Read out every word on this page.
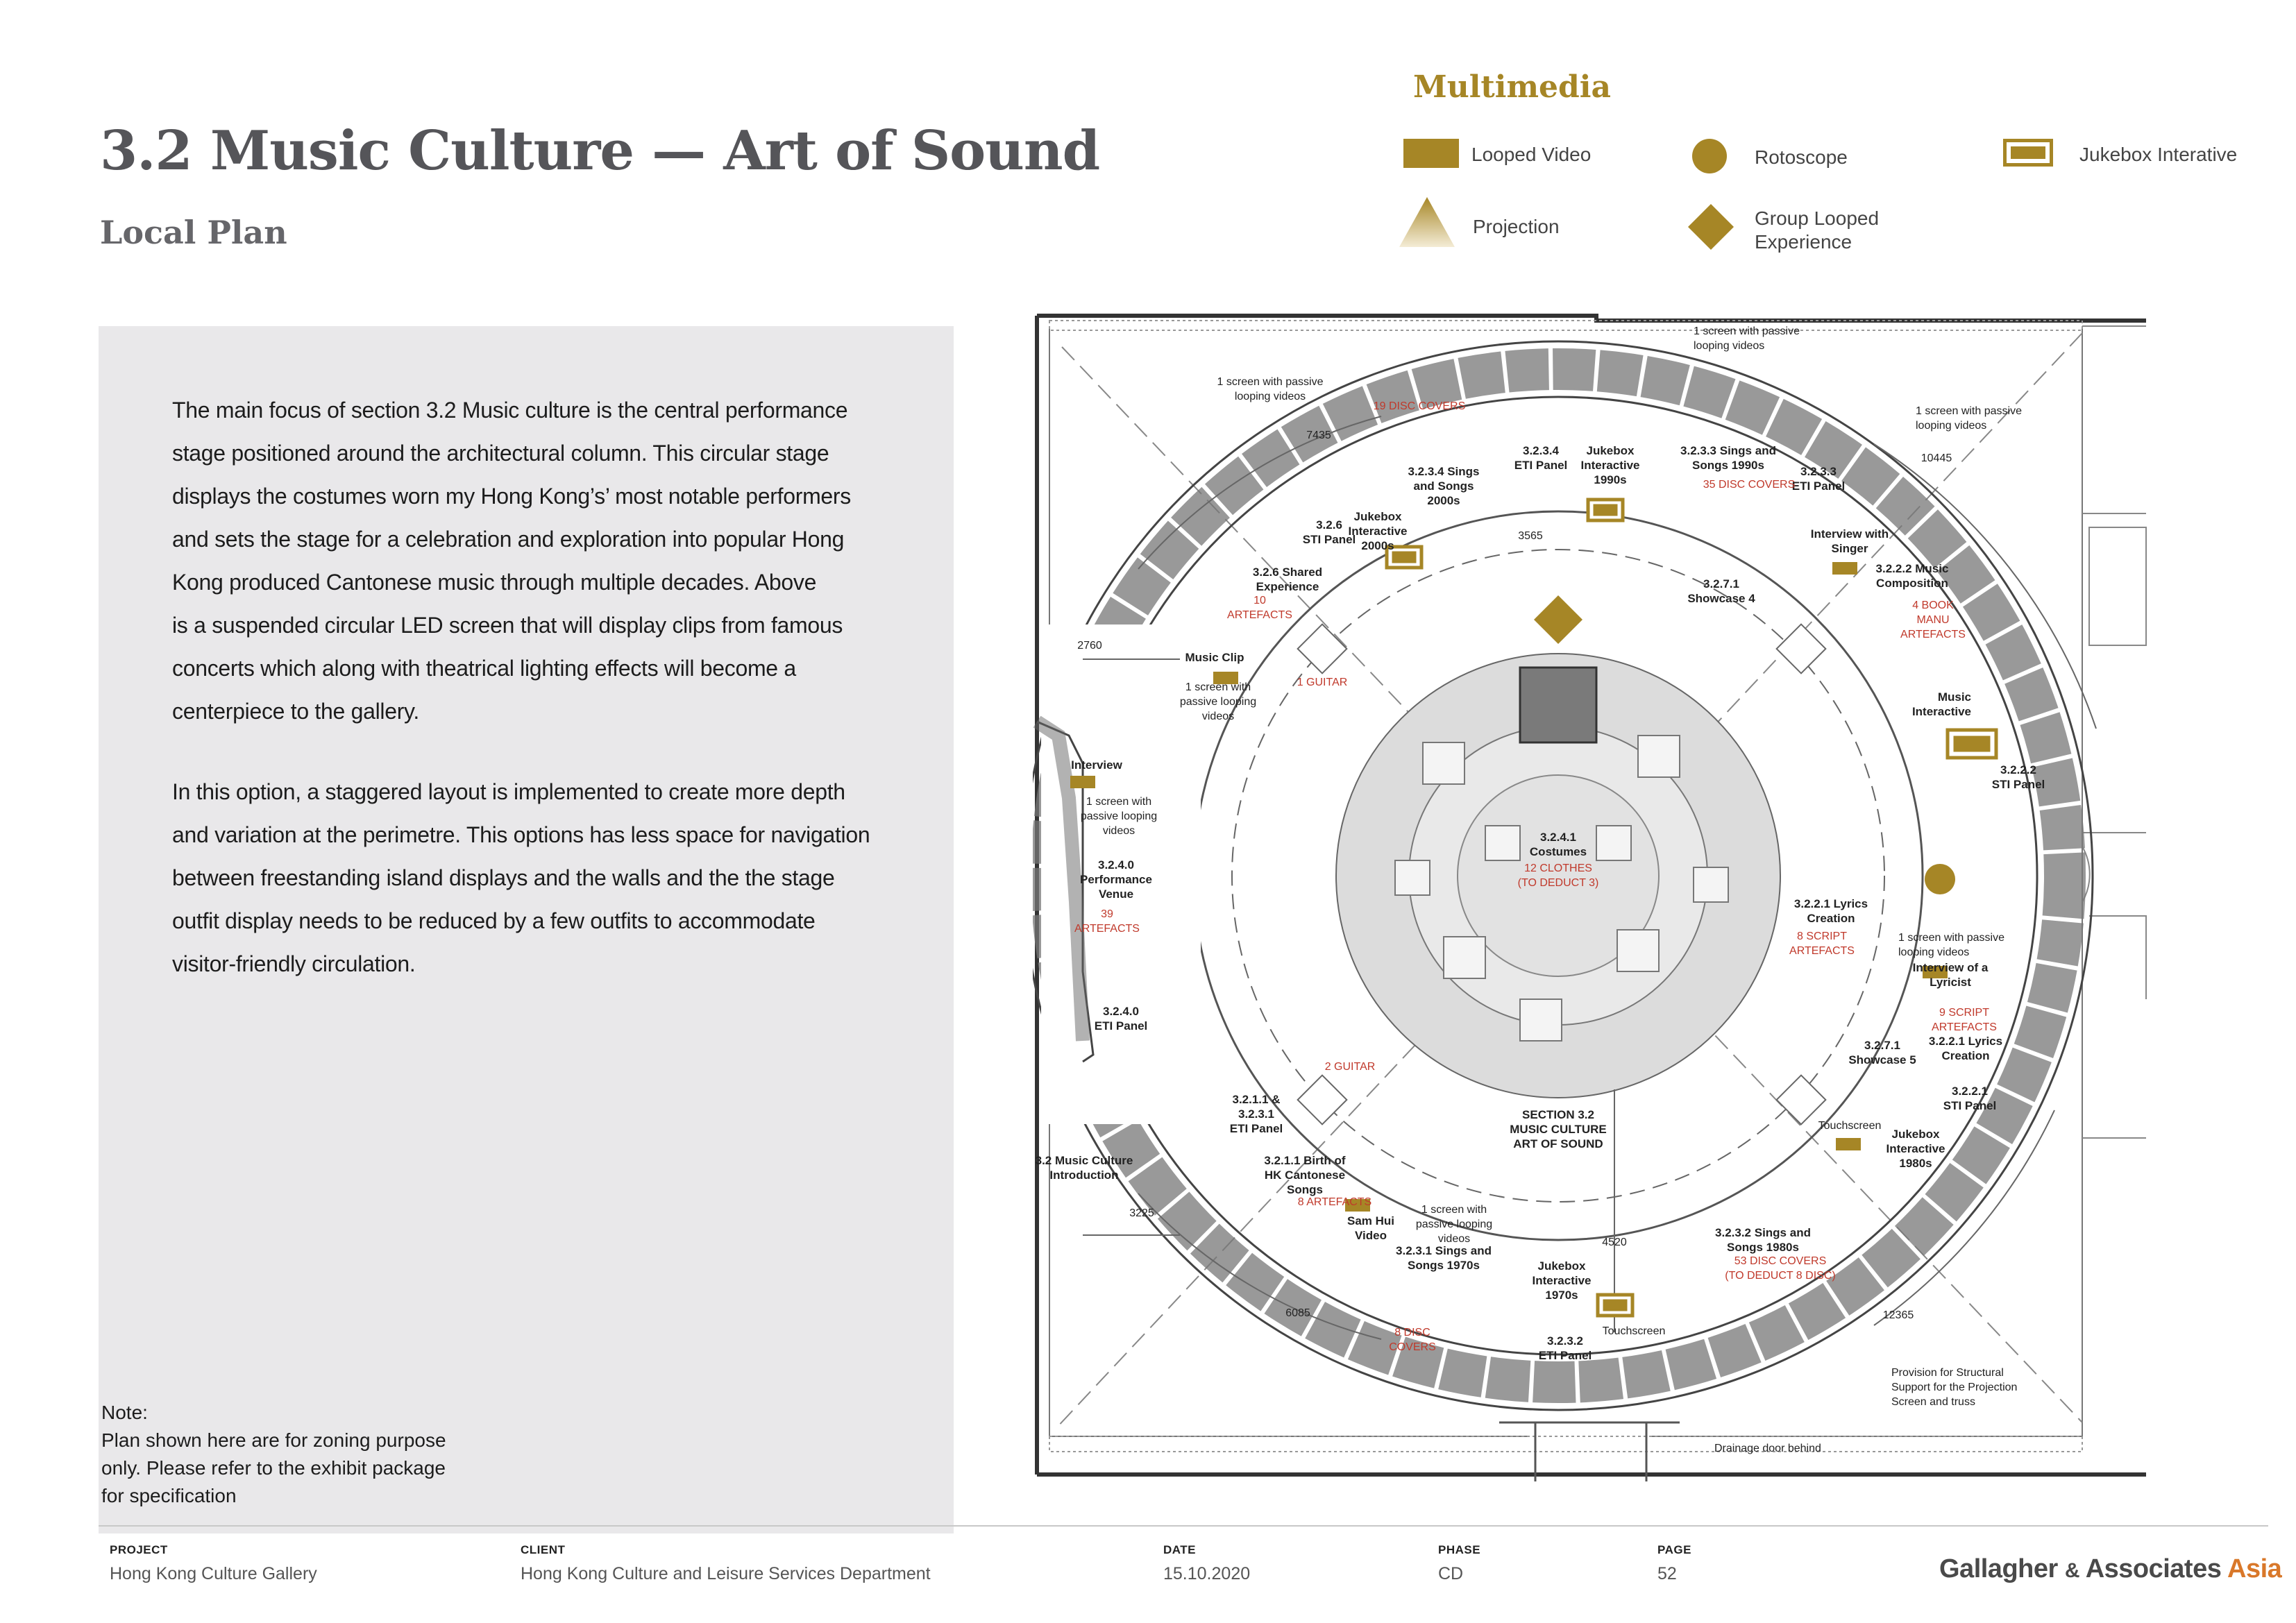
3.2 Music Culture — Art of Sound
Local Plan
The main focus of section 3.2 Music culture is the central performance
stage positioned around the architectural column. This circular stage
displays the costumes worn my Hong Kong’s’ most notable performers
and sets the stage for a celebration and exploration into popular Hong
Kong produced Cantonese music through multiple decades. Above
is a suspended circular LED screen that will display clips from famous
concerts which along with theatrical lighting effects will become a
centerpiece to the gallery.
In this option, a staggered layout is implemented to create more depth
and variation at the perimetre. This options has less space for navigation
between freestanding island displays and the walls and the the stage
outfit display needs to be reduced by a few outfits to accommodate
visitor-friendly circulation.
Note:
Plan shown here are for zoning purpose
only. Please refer to the exhibit package
for specification
Multimedia
Looped Video	Rotoscope	Jukebox Interative
Projection	Group Looped Experience
1 screen with passive looping videos
1 screen with passive looping videos
1 screen with passive looping videos
7435
10445
3.2.3.4 ETI Panel
Jukebox Interactive 1990s
3.2.3.3 Sings and Songs 1990s	3.2.3.3 ETI Panel
3.2.3.4 Sings and Songs 2000s
Jukebox Interactive 2000s
3.2.6 STI Panel
3.2.6 Shared Experience
3565	Interview with Singer
3.2.7.1 Showcase 4
3.2.2.2 Music Composition
2760
Music Clip
1 screen with passive looping videos
Music Interactive
3.2.2.2 STI Panel
Interview
1 screen with passive looping videos	3.2.4.1 Costumes
3.2.4.0 Performance Venue
3.2.2.1 Lyrics Creation
1 screen with passive looping videos
Interview of a Lyricist
3.2.4.0 ETI Panel
3.2.2.1 Lyrics Creation
3.2.7.1 Showcase 5
3.2.2.1 STI Panel
3.2.1.1 & 3.2.3.1 ETI Panel
SECTION 3.2 MUSIC CULTURE ART OF SOUND
Touchscreen
Jukebox Interactive 1980s
3.2 Music Culture Introduction
3.2.1.1 Birth of HK Cantonese Songs
3225	1 screen with passive looping videos
Sam Hui Video
3.2.3.1 Sings and Songs 1970s
4520
3.2.3.2 Sings and Songs 1980s
Jukebox Interactive 1970s
6085
Touchscreen
12365
3.2.3.2 ETI Panel
Provision for Structural Support for the Projection Screen and truss
Drainage door behind
19 DISC COVERS
35 DISC COVERS
10 ARTEFACTS
4 BOOK MANU ARTEFACTS
1 GUITAR
12 CLOTHES (TO DEDUCT 3)
39 ARTEFACTS
8 SCRIPT ARTEFACTS
9 SCRIPT ARTEFACTS
2 GUITAR
8 ARTEFACTS
53 DISC COVERS (TO DEDUCT 8 DISC)
8 DISC COVERS
PROJECT
Hong Kong Culture Gallery
CLIENT
Hong Kong Culture and Leisure Services Department
DATE
15.10.2020
PHASE
CD
PAGE
52	Gallagher & Associates Asia
